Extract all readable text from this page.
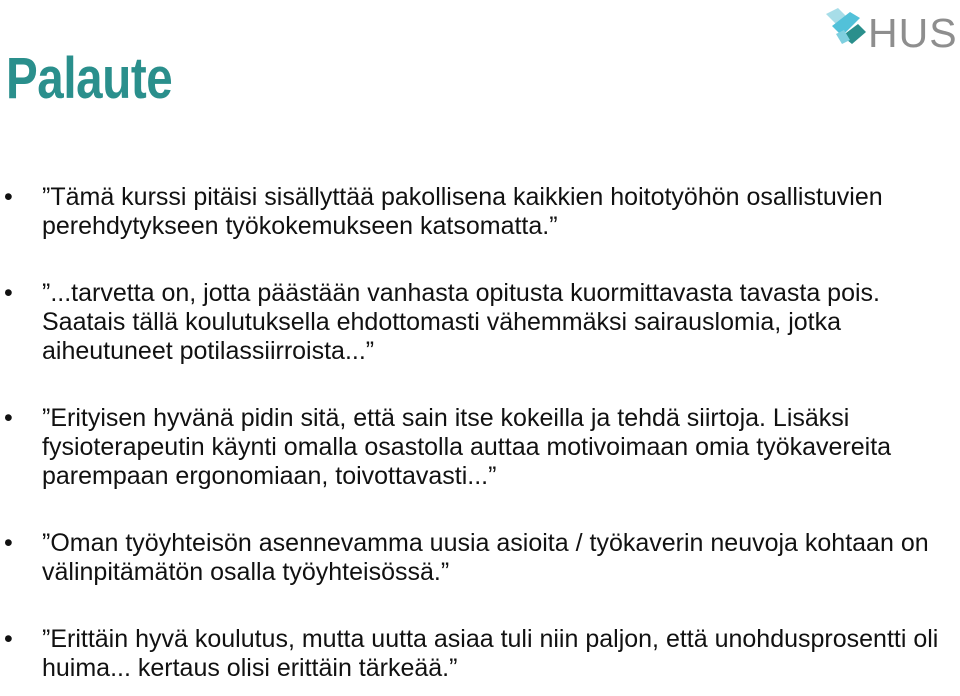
HUS
Palaute
• ”Tämä kurssi pitäisi sisällyttää pakollisena kaikkien hoitotyöhön osallistuvien perehdytykseen työkokemukseen katsomatta.”
• ”...tarvetta on, jotta päästään vanhasta opitusta kuormittavasta tavasta pois. Saatais tällä koulutuksella ehdottomasti vähemmäksi sairauslomia, jotka aiheutuneet potilassiirroista...”
• ”Erityisen hyvänä pidin sitä, että sain itse kokeilla ja tehdä siirtoja. Lisäksi fysioterapeutin käynti omalla osastolla auttaa motivoimaan omia työkavereita parempaan ergonomiaan, toivottavasti...”
• ”Oman työyhteisön asennevamma uusia asioita / työkaverin neuvoja kohtaan on välinpitämätön osalla työyhteisössä.”
• ”Erittäin hyvä koulutus, mutta uutta asiaa tuli niin paljon, että unohdusprosentti oli huima... kertaus olisi erittäin tärkeää.”
